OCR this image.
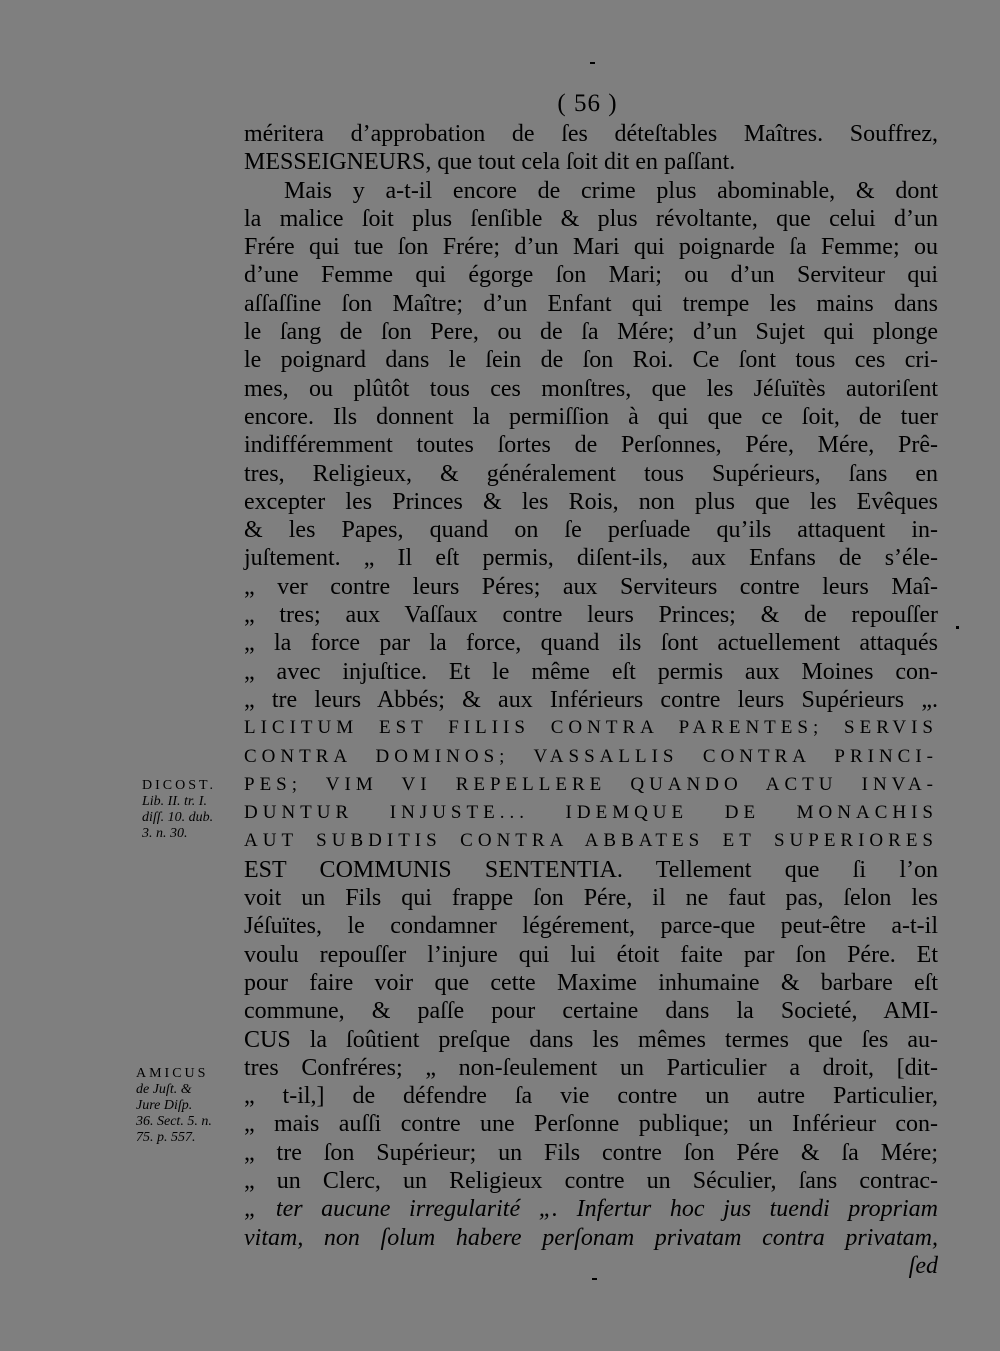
( 56 )
méritera d’approbation de ſes déteſtables Maîtres. Souffrez,
MESSEIGNEURS, que tout cela ſoit dit en paſſant.
Mais y a-t-il encore de crime plus abominable, & dont
la malice ſoit plus ſenſible & plus révoltante, que celui d’un
Frére qui tue ſon Frére; d’un Mari qui poignarde ſa Femme; ou
d’une Femme qui égorge ſon Mari; ou d’un Serviteur qui
aſſaſſine ſon Maître; d’un Enfant qui trempe les mains dans
le ſang de ſon Pere, ou de ſa Mére; d’un Sujet qui plonge
le poignard dans le ſein de ſon Roi. Ce ſont tous ces cri-
mes, ou plûtôt tous ces monſtres, que les Jéſuïtès autoriſent
encore. Ils donnent la permiſſion à qui que ce ſoit, de tuer
indifféremment toutes ſortes de Perſonnes, Pére, Mére, Prê-
tres, Religieux, & généralement tous Supérieurs, ſans en
excepter les Princes & les Rois, non plus que les Evêques
& les Papes, quand on ſe perſuade qu’ils attaquent in-
juſtement. „ Il eſt permis, diſent-ils, aux Enfans de s’éle-
„ ver contre leurs Péres; aux Serviteurs contre leurs Maî-
„ tres; aux Vaſſaux contre leurs Princes; & de repouſſer
„ la force par la force, quand ils ſont actuellement attaqués
„ avec injuſtice. Et le même eſt permis aux Moines con-
„ tre leurs Abbés; & aux Inférieurs contre leurs Supérieurs „.
LICITUM EST FILIIS CONTRA PARENTES; SERVIS
CONTRA DOMINOS; VASSALLIS CONTRA PRINCI-
PES; VIM VI REPELLERE QUANDO ACTU INVA-
DUNTUR INJUSTE... IDEMQUE DE MONACHIS
AUT SUBDITIS CONTRA ABBATES ET SUPERIORES
EST COMMUNIS SENTENTIA. Tellement que ſi l’on
voit un Fils qui frappe ſon Pére, il ne faut pas, ſelon les
Jéſuïtes, le condamner légérement, parce-que peut-être a-t-il
voulu repouſſer l’injure qui lui étoit faite par ſon Pére. Et
pour faire voir que cette Maxime inhumaine & barbare eſt
commune, & paſſe pour certaine dans la Societé, AMI-
CUS la ſoûtient preſque dans les mêmes termes que ſes au-
tres Confréres; „ non-ſeulement un Particulier a droit, [dit-
„ t-il,] de défendre ſa vie contre un autre Particulier,
„ mais auſſi contre une Perſonne publique; un Inférieur con-
„ tre ſon Supérieur; un Fils contre ſon Pére & ſa Mére;
„ un Clerc, un Religieux contre un Séculier, ſans contrac-
„ ter aucune irregularité „. Infertur hoc jus tuendi propriam
vitam, non ſolum habere perſonam privatam contra privatam,
ſed
DICOST.
Lib. II. tr. I.
diſſ. 10. dub.
3. n. 30.
AMICUS
de Juſt. &
Jure Diſp.
36. Sect. 5. n.
75. p. 557.
